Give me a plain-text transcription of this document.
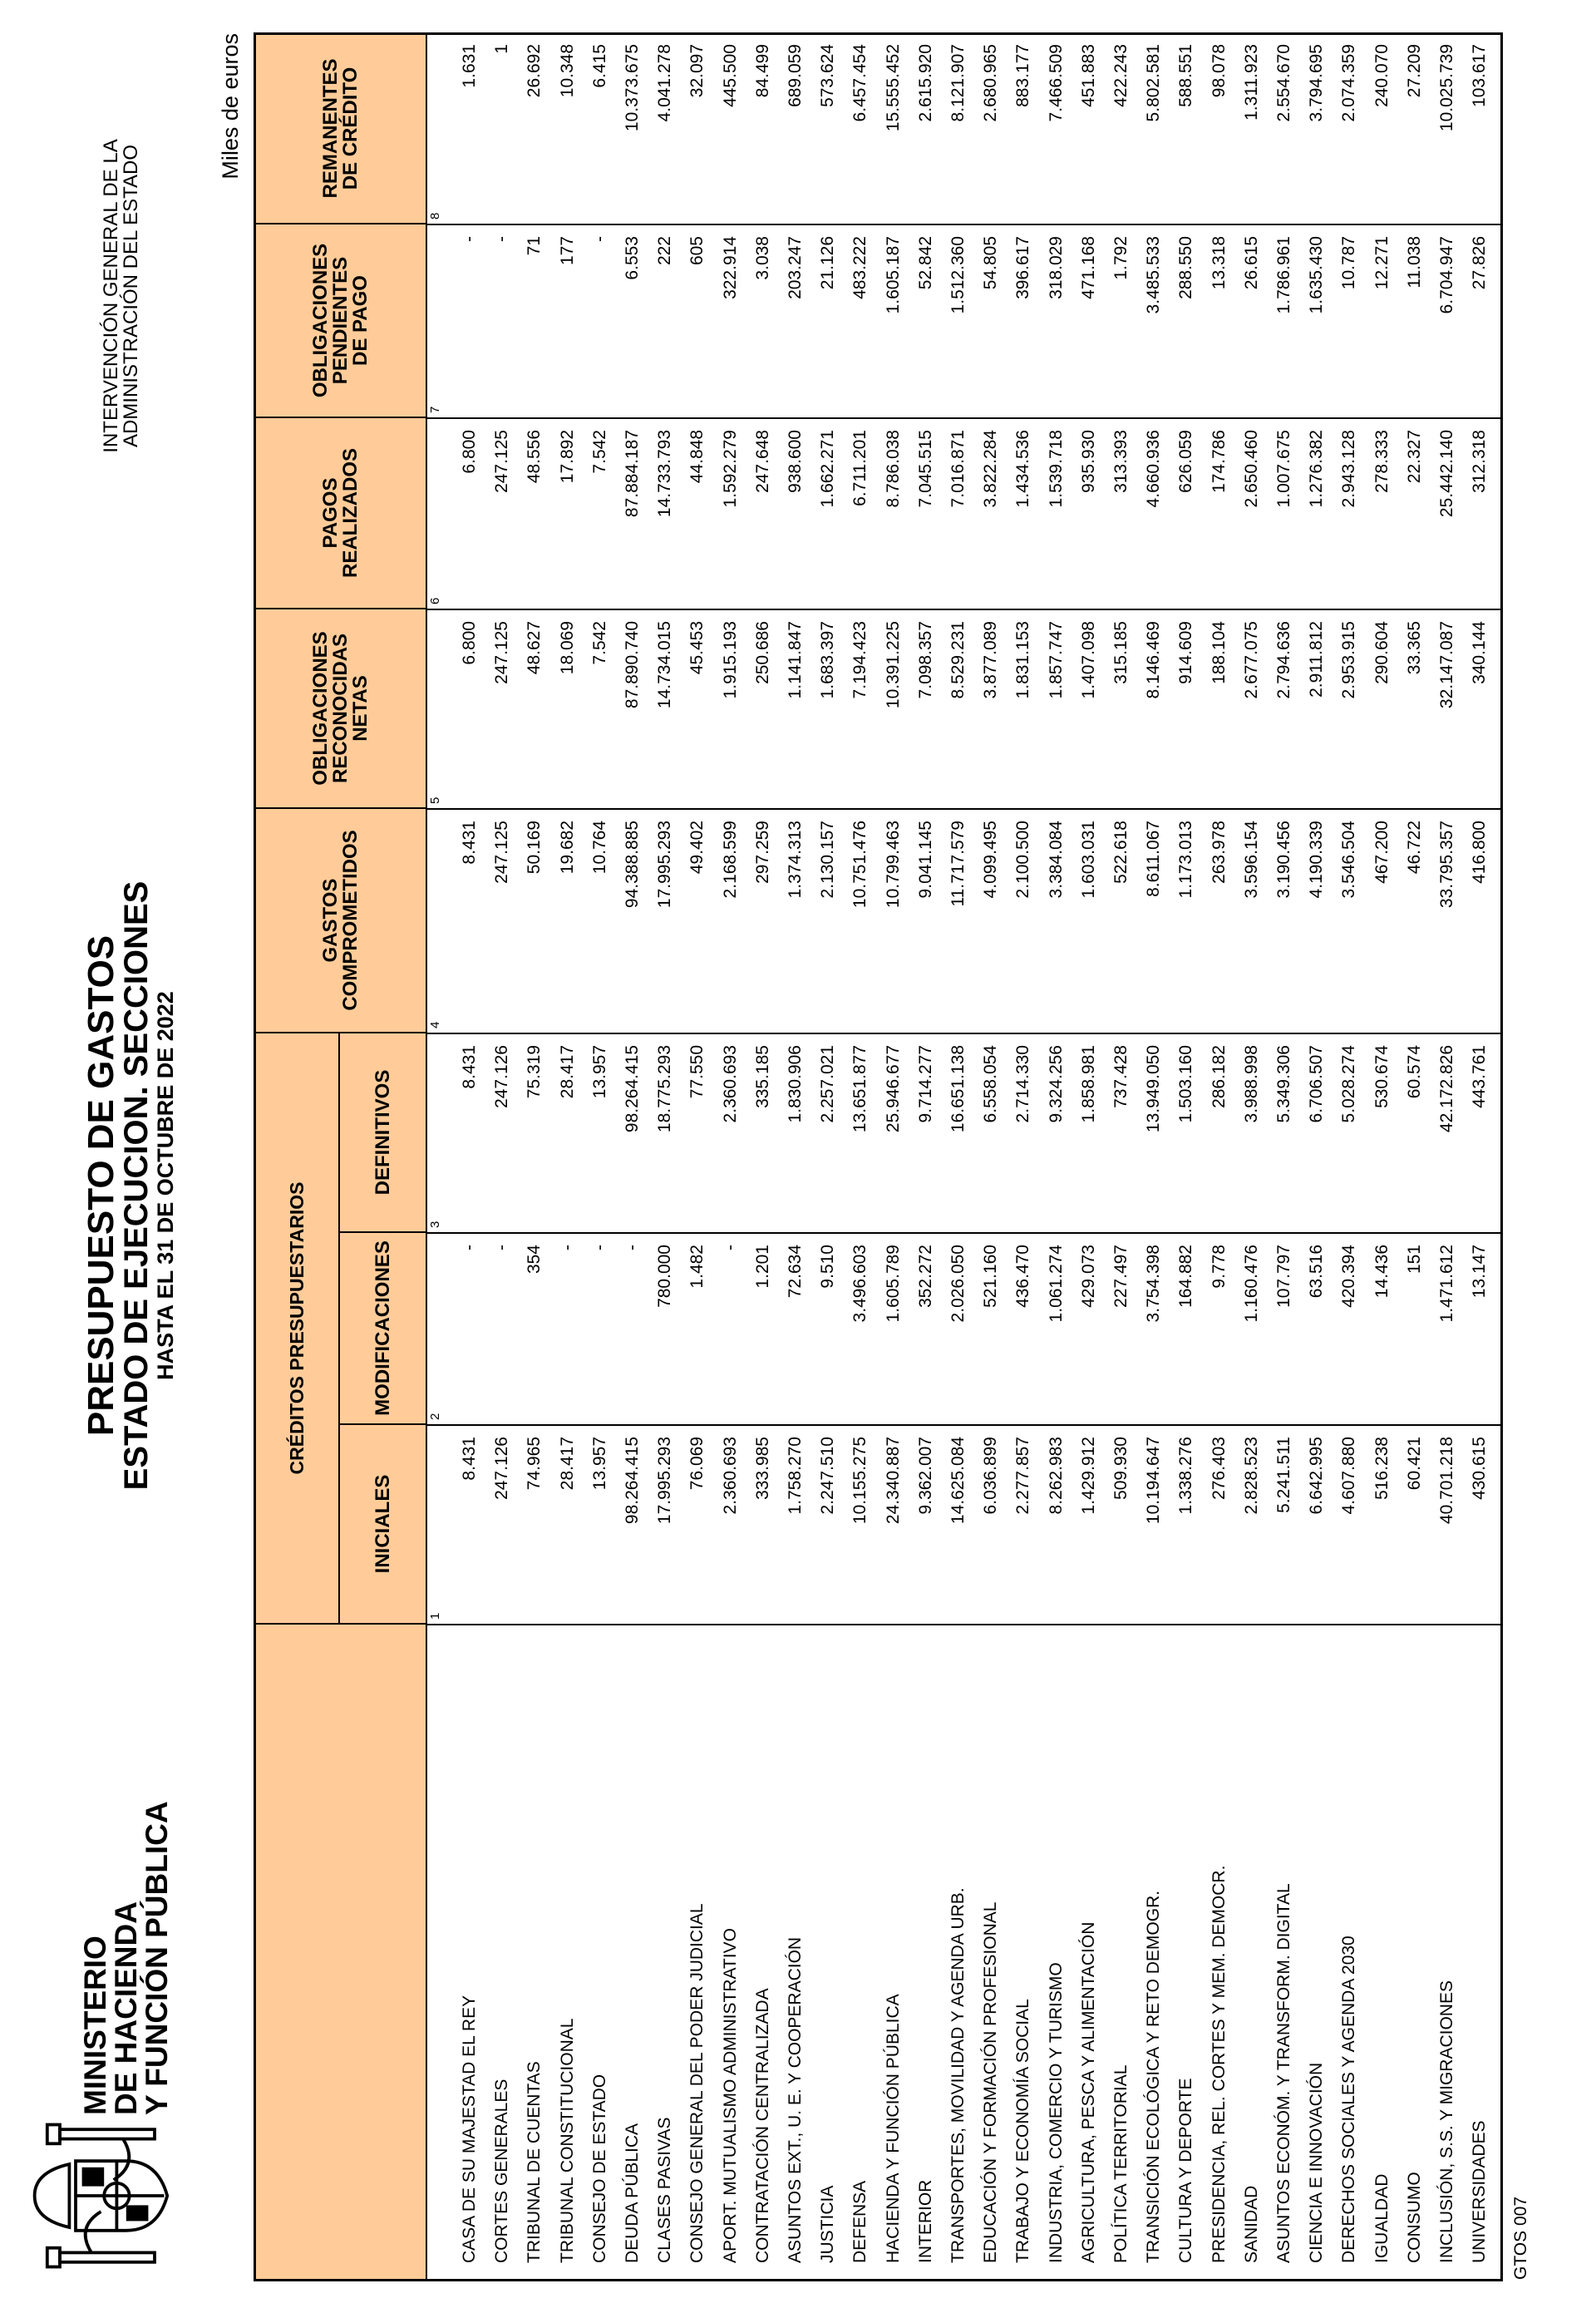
MINISTERIO
DE HACIENDA
Y FUNCIÓN PÚBLICA
PRESUPUESTO DE GASTOS
ESTADO DE EJECUCION. SECCIONES
HASTA EL 31 DE OCTUBRE DE 2022
INTERVENCIÓN GENERAL DE LA
ADMINISTRACIÓN DEL ESTADO
Miles de euros
CRÉDITOS PRESUPUESTARIOS
INICIALES
MODIFICACIONES
DEFINITIVOS
GASTOS COMPROMETIDOS
OBLIGACIONES RECONOCIDAS NETAS
PAGOS REALIZADOS
OBLIGACIONES PENDIENTES DE PAGO
REMANENTES DE CRÉDITO
1
2
3
4
5
6
7
8
CASA DE SU MAJESTAD EL REY
8.431
-
8.431
8.431
6.800
6.800
-
1.631
CORTES GENERALES
247.126
-
247.126
247.125
247.125
247.125
-
1
TRIBUNAL DE CUENTAS
74.965
354
75.319
50.169
48.627
48.556
71
26.692
TRIBUNAL CONSTITUCIONAL
28.417
-
28.417
19.682
18.069
17.892
177
10.348
CONSEJO DE ESTADO
13.957
-
13.957
10.764
7.542
7.542
-
6.415
DEUDA PÚBLICA
98.264.415
-
98.264.415
94.388.885
87.890.740
87.884.187
6.553
10.373.675
CLASES PASIVAS
17.995.293
780.000
18.775.293
17.995.293
14.734.015
14.733.793
222
4.041.278
CONSEJO GENERAL DEL PODER JUDICIAL
76.069
1.482
77.550
49.402
45.453
44.848
605
32.097
APORT. MUTUALISMO ADMINISTRATIVO
2.360.693
-
2.360.693
2.168.599
1.915.193
1.592.279
322.914
445.500
CONTRATACIÓN CENTRALIZADA
333.985
1.201
335.185
297.259
250.686
247.648
3.038
84.499
ASUNTOS EXT., U. E. Y COOPERACIÓN
1.758.270
72.634
1.830.906
1.374.313
1.141.847
938.600
203.247
689.059
JUSTICIA
2.247.510
9.510
2.257.021
2.130.157
1.683.397
1.662.271
21.126
573.624
DEFENSA
10.155.275
3.496.603
13.651.877
10.751.476
7.194.423
6.711.201
483.222
6.457.454
HACIENDA Y FUNCIÓN PÚBLICA
24.340.887
1.605.789
25.946.677
10.799.463
10.391.225
8.786.038
1.605.187
15.555.452
INTERIOR
9.362.007
352.272
9.714.277
9.041.145
7.098.357
7.045.515
52.842
2.615.920
TRANSPORTES, MOVILIDAD Y AGENDA URB.
14.625.084
2.026.050
16.651.138
11.717.579
8.529.231
7.016.871
1.512.360
8.121.907
EDUCACIÓN Y FORMACIÓN PROFESIONAL
6.036.899
521.160
6.558.054
4.099.495
3.877.089
3.822.284
54.805
2.680.965
TRABAJO Y ECONOMÍA SOCIAL
2.277.857
436.470
2.714.330
2.100.500
1.831.153
1.434.536
396.617
883.177
INDUSTRIA, COMERCIO Y TURISMO
8.262.983
1.061.274
9.324.256
3.384.084
1.857.747
1.539.718
318.029
7.466.509
AGRICULTURA, PESCA Y ALIMENTACIÓN
1.429.912
429.073
1.858.981
1.603.031
1.407.098
935.930
471.168
451.883
POLÍTICA TERRITORIAL
509.930
227.497
737.428
522.618
315.185
313.393
1.792
422.243
TRANSICIÓN ECOLÓGICA Y RETO DEMOGR.
10.194.647
3.754.398
13.949.050
8.611.067
8.146.469
4.660.936
3.485.533
5.802.581
CULTURA Y DEPORTE
1.338.276
164.882
1.503.160
1.173.013
914.609
626.059
288.550
588.551
PRESIDENCIA, REL. CORTES Y MEM. DEMOCR.
276.403
9.778
286.182
263.978
188.104
174.786
13.318
98.078
SANIDAD
2.828.523
1.160.476
3.988.998
3.596.154
2.677.075
2.650.460
26.615
1.311.923
ASUNTOS ECONÓM. Y TRANSFORM. DIGITAL
5.241.511
107.797
5.349.306
3.190.456
2.794.636
1.007.675
1.786.961
2.554.670
CIENCIA E INNOVACIÓN
6.642.995
63.516
6.706.507
4.190.339
2.911.812
1.276.382
1.635.430
3.794.695
DERECHOS SOCIALES Y AGENDA 2030
4.607.880
420.394
5.028.274
3.546.504
2.953.915
2.943.128
10.787
2.074.359
IGUALDAD
516.238
14.436
530.674
467.200
290.604
278.333
12.271
240.070
CONSUMO
60.421
151
60.574
46.722
33.365
22.327
11.038
27.209
INCLUSIÓN, S.S. Y MIGRACIONES
40.701.218
1.471.612
42.172.826
33.795.357
32.147.087
25.442.140
6.704.947
10.025.739
UNIVERSIDADES
430.615
13.147
443.761
416.800
340.144
312.318
27.826
103.617
GTOS 007
